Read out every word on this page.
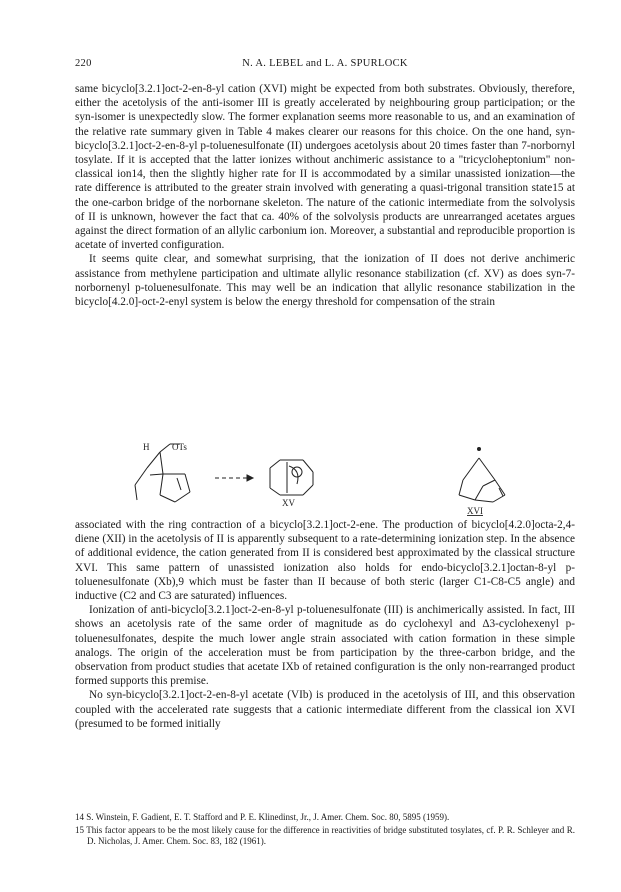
220	N. A. LEBEL and L. A. SPURLOCK

same bicyclo[3.2.1]oct-2-en-8-yl cation (XVI) might be expected from both substrates. Obviously, therefore, either the acetolysis of the anti-isomer III is greatly accelerated by neighbouring group participation; or the syn-isomer is unexpectedly slow. The former explanation seems more reasonable to us, and an examination of the relative rate summary given in Table 4 makes clearer our reasons for this choice. On the one hand, syn-bicyclo[3.2.1]oct-2-en-8-yl p-toluenesulfonate (II) undergoes acetolysis about 20 times faster than 7-norbornyl tosylate. If it is accepted that the latter ionizes without anchimeric assistance to a "tricycloheptonium" non-classical ion14, then the slightly higher rate for II is accommodated by a similar unassisted ionization—the rate difference is attributed to the greater strain involved with generating a quasi-trigonal transition state15 at the one-carbon bridge of the norbornane skeleton. The nature of the cationic intermediate from the solvolysis of II is unknown, however the fact that ca. 40% of the solvolysis products are unrearranged acetates argues against the direct formation of an allylic carbonium ion. Moreover, a substantial and reproducible proportion is acetate of inverted configuration.

It seems quite clear, and somewhat surprising, that the ionization of II does not derive anchimeric assistance from methylene participation and ultimate allylic resonance stabilization (cf. XV) as does syn-7-norbornenyl p-toluenesulfonate. This may well be an indication that allylic resonance stabilization in the bicyclo[4.2.0]-oct-2-enyl system is below the energy threshold for compensation of the strain

H	OTs
XV
XVI

associated with the ring contraction of a bicyclo[3.2.1]oct-2-ene. The production of bicyclo[4.2.0]octa-2,4-diene (XII) in the acetolysis of II is apparently subsequent to a rate-determining ionization step. In the absence of additional evidence, the cation generated from II is considered best approximated by the classical structure XVI. This same pattern of unassisted ionization also holds for endo-bicyclo[3.2.1]octan-8-yl p-toluenesulfonate (Xb),9 which must be faster than II because of both steric (larger C1-C8-C5 angle) and inductive (C2 and C3 are saturated) influences.

Ionization of anti-bicyclo[3.2.1]oct-2-en-8-yl p-toluenesulfonate (III) is anchimerically assisted. In fact, III shows an acetolysis rate of the same order of magnitude as do cyclohexyl and Δ3-cyclohexenyl p-toluenesulfonates, despite the much lower angle strain associated with cation formation in these simple analogs. The origin of the acceleration must be from participation by the three-carbon bridge, and the observation from product studies that acetate IXb of retained configuration is the only non-rearranged product formed supports this premise.

No syn-bicyclo[3.2.1]oct-2-en-8-yl acetate (VIb) is produced in the acetolysis of III, and this observation coupled with the accelerated rate suggests that a cationic intermediate different from the classical ion XVI (presumed to be formed initially

14 S. Winstein, F. Gadient, E. T. Stafford and P. E. Klinedinst, Jr., J. Amer. Chem. Soc. 80, 5895 (1959).

15 This factor appears to be the most likely cause for the difference in reactivities of bridge substituted tosylates, cf. P. R. Schleyer and R. D. Nicholas, J. Amer. Chem. Soc. 83, 182 (1961).
